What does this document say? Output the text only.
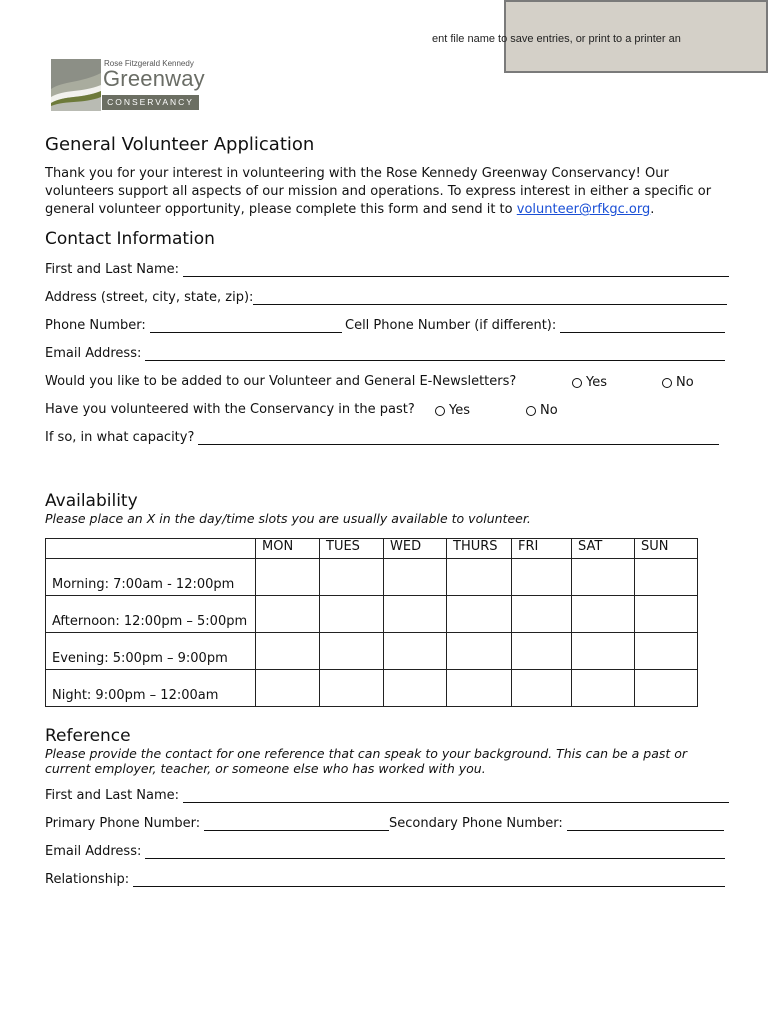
ent file name to save entries, or print to a printer an
Rose Fitzgerald Kennedy
Greenway
CONSERVANCY
General Volunteer Application
Thank you for your interest in volunteering with the Rose Kennedy Greenway Conservancy! Our volunteers support all aspects of our mission and operations. To express interest in either a specific or general volunteer opportunity, please complete this form and send it to volunteer@rfkgc.org.
Contact Information
First and Last Name:
Address (street, city, state, zip):
Phone Number:	Cell Phone Number (if different):
Email Address:
Would you like to be added to our Volunteer and General E-Newsletters?	Yes	No
Have you volunteered with the Conservancy in the past?	Yes	No
If so, in what capacity?
Availability
Please place an X in the day/time slots you are usually available to volunteer.
	MON	TUES	WED	THURS	FRI	SAT	SUN
Morning: 7:00am - 12:00pm							
Afternoon: 12:00pm – 5:00pm							
Evening: 5:00pm – 9:00pm							
Night: 9:00pm – 12:00am							
Reference
Please provide the contact for one reference that can speak to your background. This can be a past or current employer, teacher, or someone else who has worked with you.
First and Last Name:
Primary Phone Number:	Secondary Phone Number:
Email Address:
Relationship:
